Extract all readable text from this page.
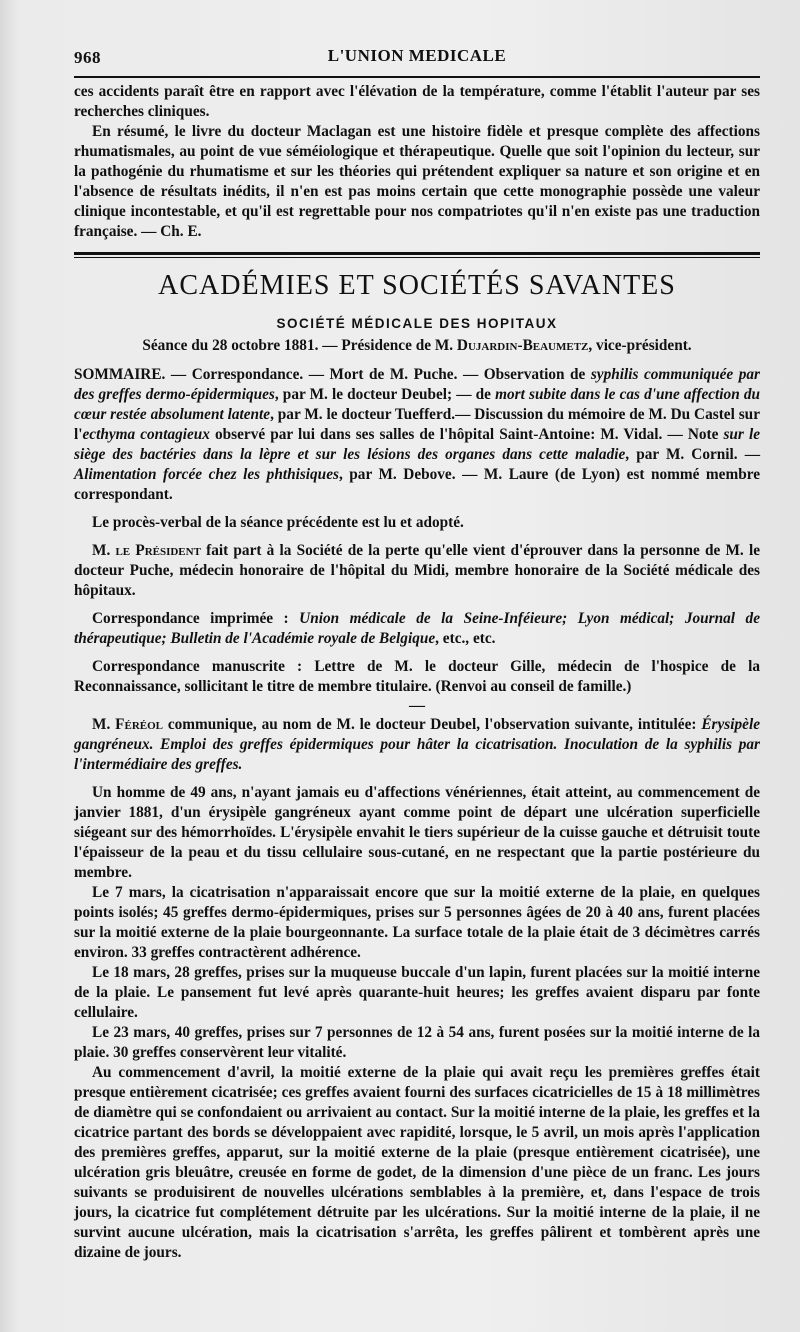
968	L'UNION MEDICALE

ces accidents paraît être en rapport avec l'élévation de la température, comme l'établit l'auteur par ses recherches cliniques.

En résumé, le livre du docteur Maclagan est une histoire fidèle et presque complète des affections rhumatismales, au point de vue séméiologique et thérapeutique. Quelle que soit l'opinion du lecteur, sur la pathogénie du rhumatisme et sur les théories qui prétendent expliquer sa nature et son origine et en l'absence de résultats inédits, il n'en est pas moins certain que cette monographie possède une valeur clinique incontestable, et qu'il est regrettable pour nos compatriotes qu'il n'en existe pas une traduction française. — Ch. E.

ACADÉMIES ET SOCIÉTÉS SAVANTES
SOCIÉTÉ MÉDICALE DES HOPITAUX
Séance du 28 octobre 1881. — Présidence de M. Dujardin-Beaumetz, vice-président.

SOMMAIRE. — Correspondance. — Mort de M. Puche. — Observation de syphilis communiquée par des greffes dermo-épidermiques, par M. le docteur Deubel; — de mort subite dans le cas d'une affection du cœur restée absolument latente, par M. le docteur Tuefferd.— Discussion du mémoire de M. Du Castel sur l'ecthyma contagieux observé par lui dans ses salles de l'hôpital Saint-Antoine: M. Vidal. — Note sur le siège des bactéries dans la lèpre et sur les lésions des organes dans cette maladie, par M. Cornil. — Alimentation forcée chez les phthisiques, par M. Debove. — M. Laure (de Lyon) est nommé membre correspondant.

Le procès-verbal de la séance précédente est lu et adopté.

M. le Président fait part à la Société de la perte qu'elle vient d'éprouver dans la personne de M. le docteur Puche, médecin honoraire de l'hôpital du Midi, membre honoraire de la Société médicale des hôpitaux.

Correspondance imprimée : Union médicale de la Seine-Inféieure; Lyon médical; Journal de thérapeutique; Bulletin de l'Académie royale de Belgique, etc., etc.

Correspondance manuscrite : Lettre de M. le docteur Gille, médecin de l'hospice de la Reconnaissance, sollicitant le titre de membre titulaire. (Renvoi au conseil de famille.)

—

M. Féréol communique, au nom de M. le docteur Deubel, l'observation suivante, intitulée: Érysipèle gangréneux. Emploi des greffes épidermiques pour hâter la cicatrisation. Inoculation de la syphilis par l'intermédiaire des greffes.

Un homme de 49 ans, n'ayant jamais eu d'affections vénériennes, était atteint, au commencement de janvier 1881, d'un érysipèle gangréneux ayant comme point de départ une ulcération superficielle siégeant sur des hémorrhoïdes. L'érysipèle envahit le tiers supérieur de la cuisse gauche et détruisit toute l'épaisseur de la peau et du tissu cellulaire sous-cutané, en ne respectant que la partie postérieure du membre.

Le 7 mars, la cicatrisation n'apparaissait encore que sur la moitié externe de la plaie, en quelques points isolés; 45 greffes dermo-épidermiques, prises sur 5 personnes âgées de 20 à 40 ans, furent placées sur la moitié externe de la plaie bourgeonnante. La surface totale de la plaie était de 3 décimètres carrés environ. 33 greffes contractèrent adhérence.

Le 18 mars, 28 greffes, prises sur la muqueuse buccale d'un lapin, furent placées sur la moitié interne de la plaie. Le pansement fut levé après quarante-huit heures; les greffes avaient disparu par fonte cellulaire.

Le 23 mars, 40 greffes, prises sur 7 personnes de 12 à 54 ans, furent posées sur la moitié interne de la plaie. 30 greffes conservèrent leur vitalité.

Au commencement d'avril, la moitié externe de la plaie qui avait reçu les premières greffes était presque entièrement cicatrisée; ces greffes avaient fourni des surfaces cicatricielles de 15 à 18 millimètres de diamètre qui se confondaient ou arrivaient au contact. Sur la moitié interne de la plaie, les greffes et la cicatrice partant des bords se développaient avec rapidité, lorsque, le 5 avril, un mois après l'application des premières greffes, apparut, sur la moitié externe de la plaie (presque entièrement cicatrisée), une ulcération gris bleuâtre, creusée en forme de godet, de la dimension d'une pièce de un franc. Les jours suivants se produisirent de nouvelles ulcérations semblables à la première, et, dans l'espace de trois jours, la cicatrice fut complétement détruite par les ulcérations. Sur la moitié interne de la plaie, il ne survint aucune ulcération, mais la cicatrisation s'arrêta, les greffes pâlirent et tombèrent après une dizaine de jours.
